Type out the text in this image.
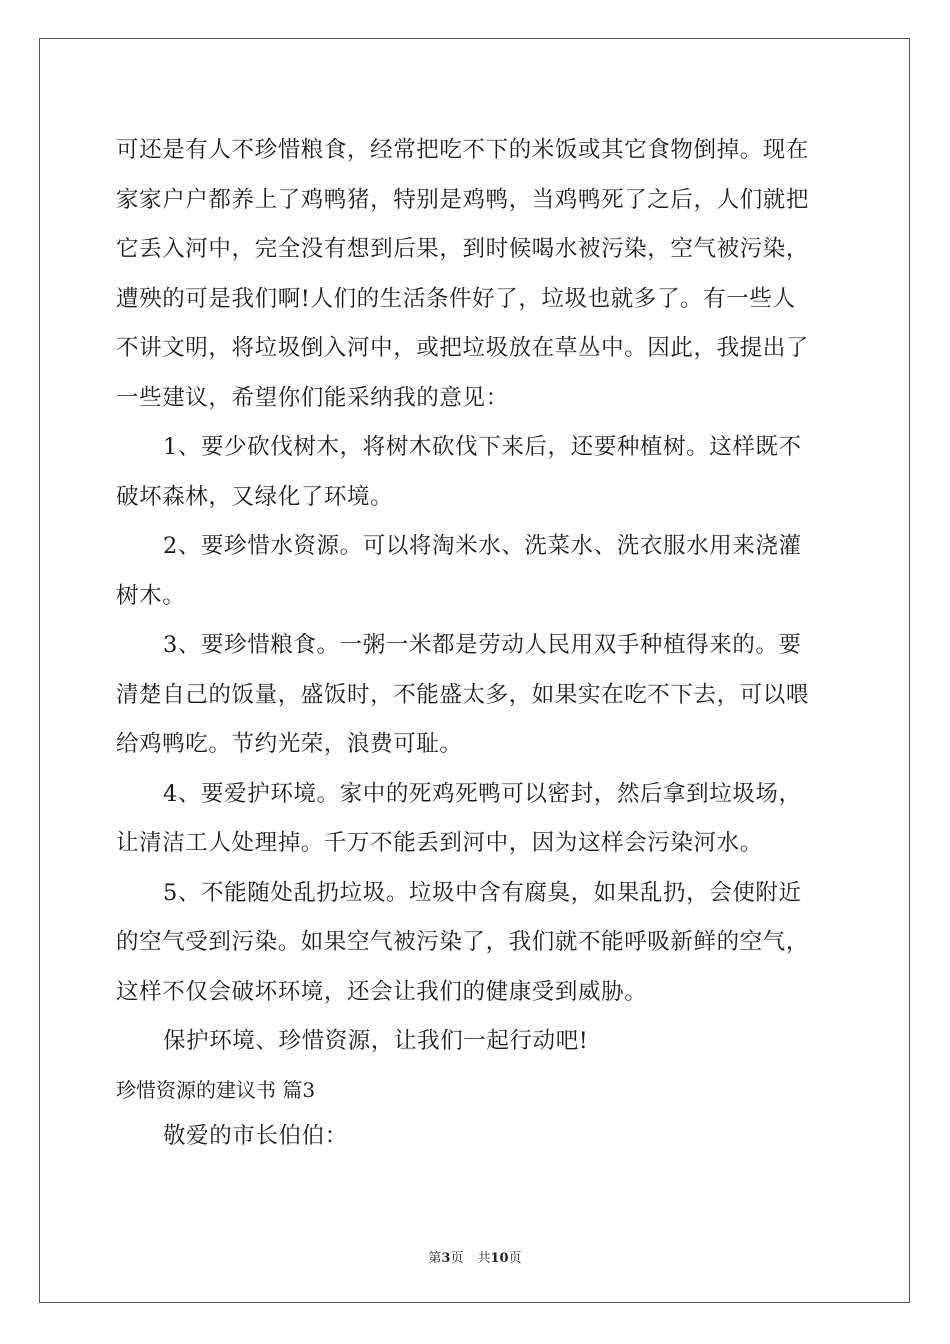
可还是有人不珍惜粮食，经常把吃不下的米饭或其它食物倒掉。现在
家家户户都养上了鸡鸭猪，特别是鸡鸭，当鸡鸭死了之后，人们就把
它丢入河中，完全没有想到后果，到时候喝水被污染，空气被污染，
遭殃的可是我们啊!人们的生活条件好了，垃圾也就多了。有一些人
不讲文明，将垃圾倒入河中，或把垃圾放在草丛中。因此，我提出了
一些建议，希望你们能采纳我的意见：
1、要少砍伐树木，将树木砍伐下来后，还要种植树。这样既不
破坏森林，又绿化了环境。
2、要珍惜水资源。可以将淘米水、洗菜水、洗衣服水用来浇灌
树木。
3、要珍惜粮食。一粥一米都是劳动人民用双手种植得来的。要
清楚自己的饭量，盛饭时，不能盛太多，如果实在吃不下去，可以喂
给鸡鸭吃。节约光荣，浪费可耻。
4、要爱护环境。家中的死鸡死鸭可以密封，然后拿到垃圾场，
让清洁工人处理掉。千万不能丢到河中，因为这样会污染河水。
5、不能随处乱扔垃圾。垃圾中含有腐臭，如果乱扔，会使附近
的空气受到污染。如果空气被污染了，我们就不能呼吸新鲜的空气，
这样不仅会破坏环境，还会让我们的健康受到威胁。
保护环境、珍惜资源，让我们一起行动吧!
珍惜资源的建议书 篇3
敬爱的市长伯伯：
第3页 共10页
